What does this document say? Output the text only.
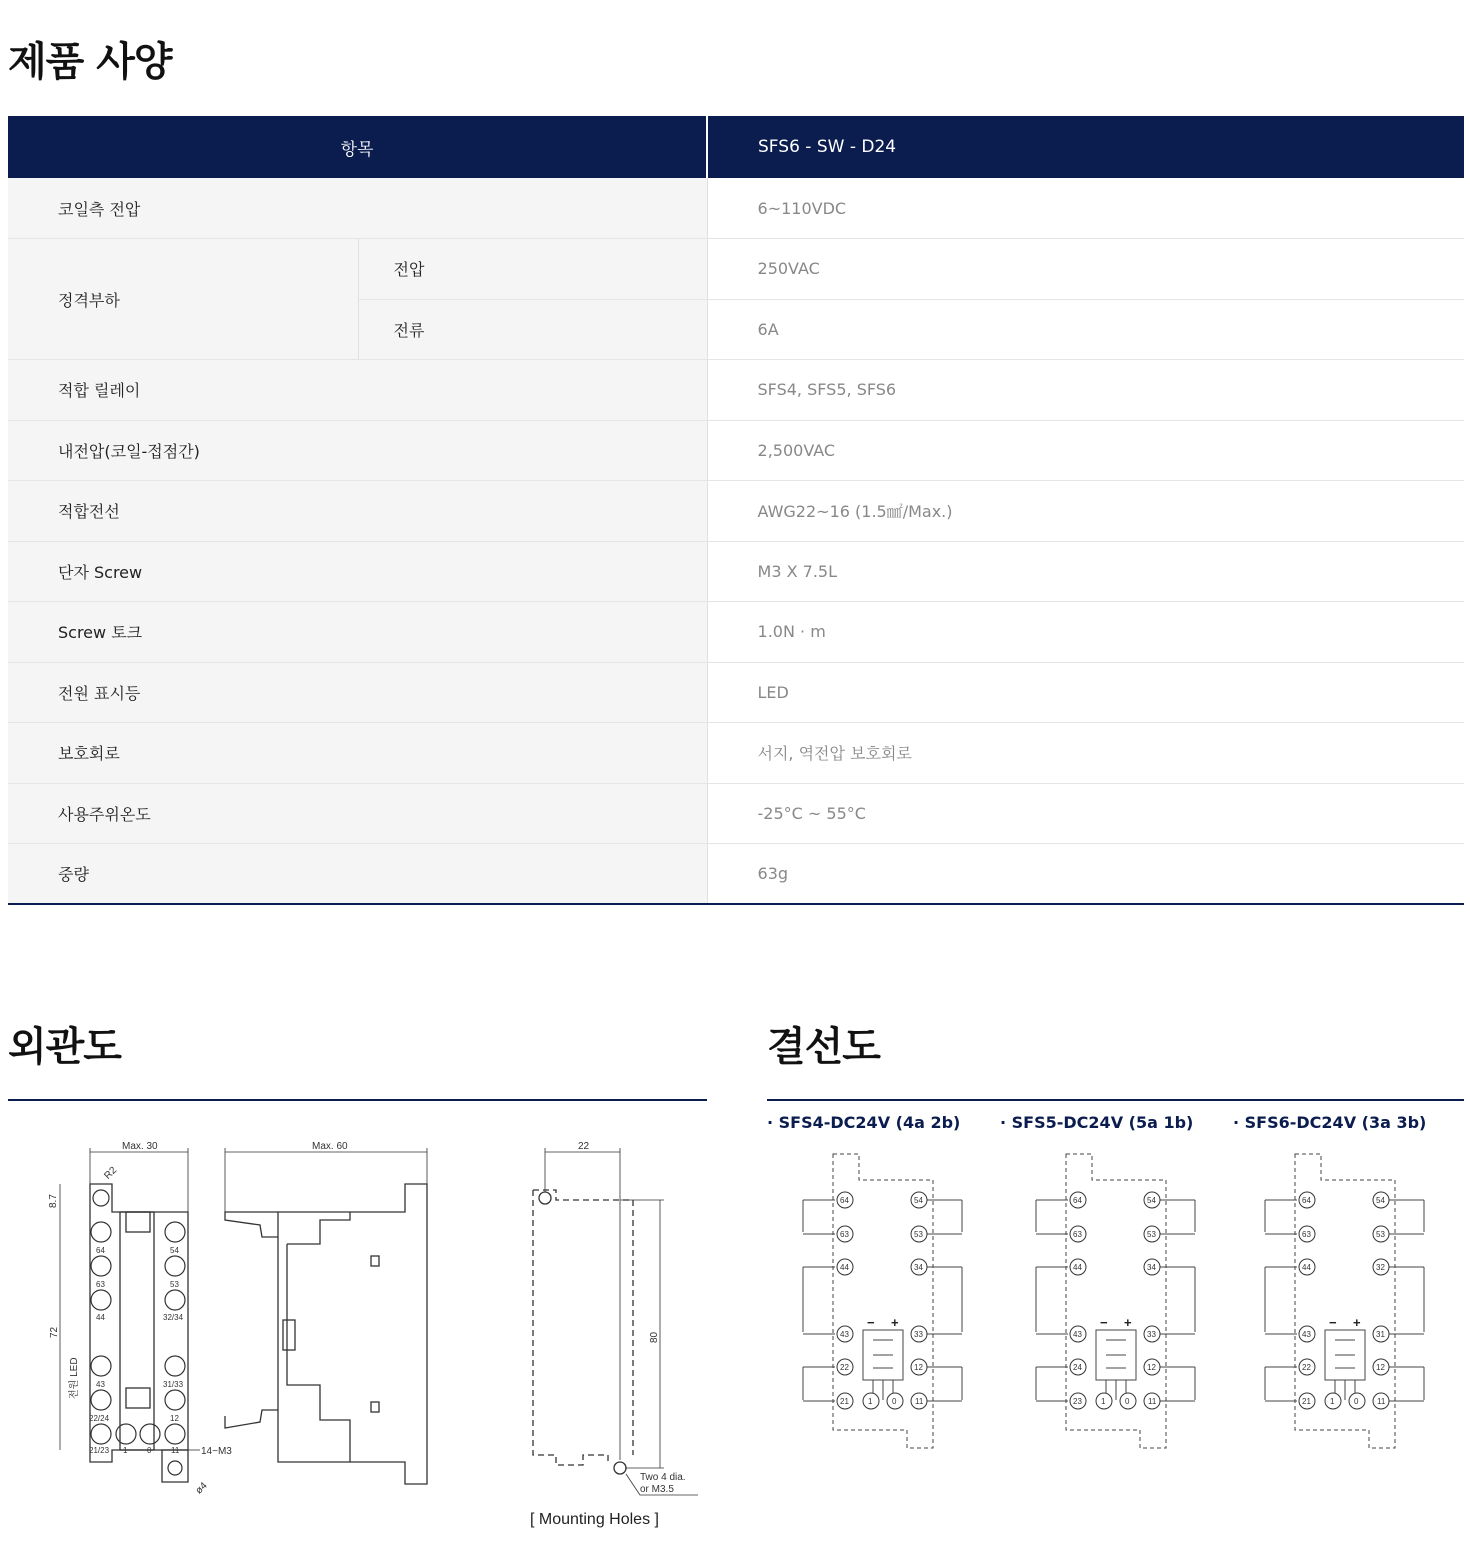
제품 사양
항목		SFS6 - SW - D24
코일측 전압		6~110VDC
정격부하	전압	250VAC
	전류	6A
적합 릴레이		SFS4, SFS5, SFS6
내전압(코일-접점간)		2,500VAC
적합전선		AWG22~16 (1.5㎟/Max.)
단자 Screw		M3 X 7.5L
Screw 토크		1.0N · m
전원 표시등		LED
보호회로		서지, 역전압 보호회로
사용주위온도		-25°C ~ 55°C
중량		63g
외관도
Max. 30	Max. 60	22
80
8.7
72
R2
ø4
14−M3
전원 LED
Two 4 dia.
or M3.5
64	54
63	53
44	32/34
43	31/33
22/24	12
21/23 1 0 11
[ Mounting Holes ]
결선도
· SFS4-DC24V (4a 2b) · SFS5-DC24V (5a 1b) · SFS6-DC24V (3a 3b)
64	54
63	53
44	34
43	33
22	12
21 1 0 11
− +
64	54
63	53
44	34
43	33
24	12
23 1 0 11
− +
64	54
63	53
44	32
43	31
22	12
21 1 0 11
− +
